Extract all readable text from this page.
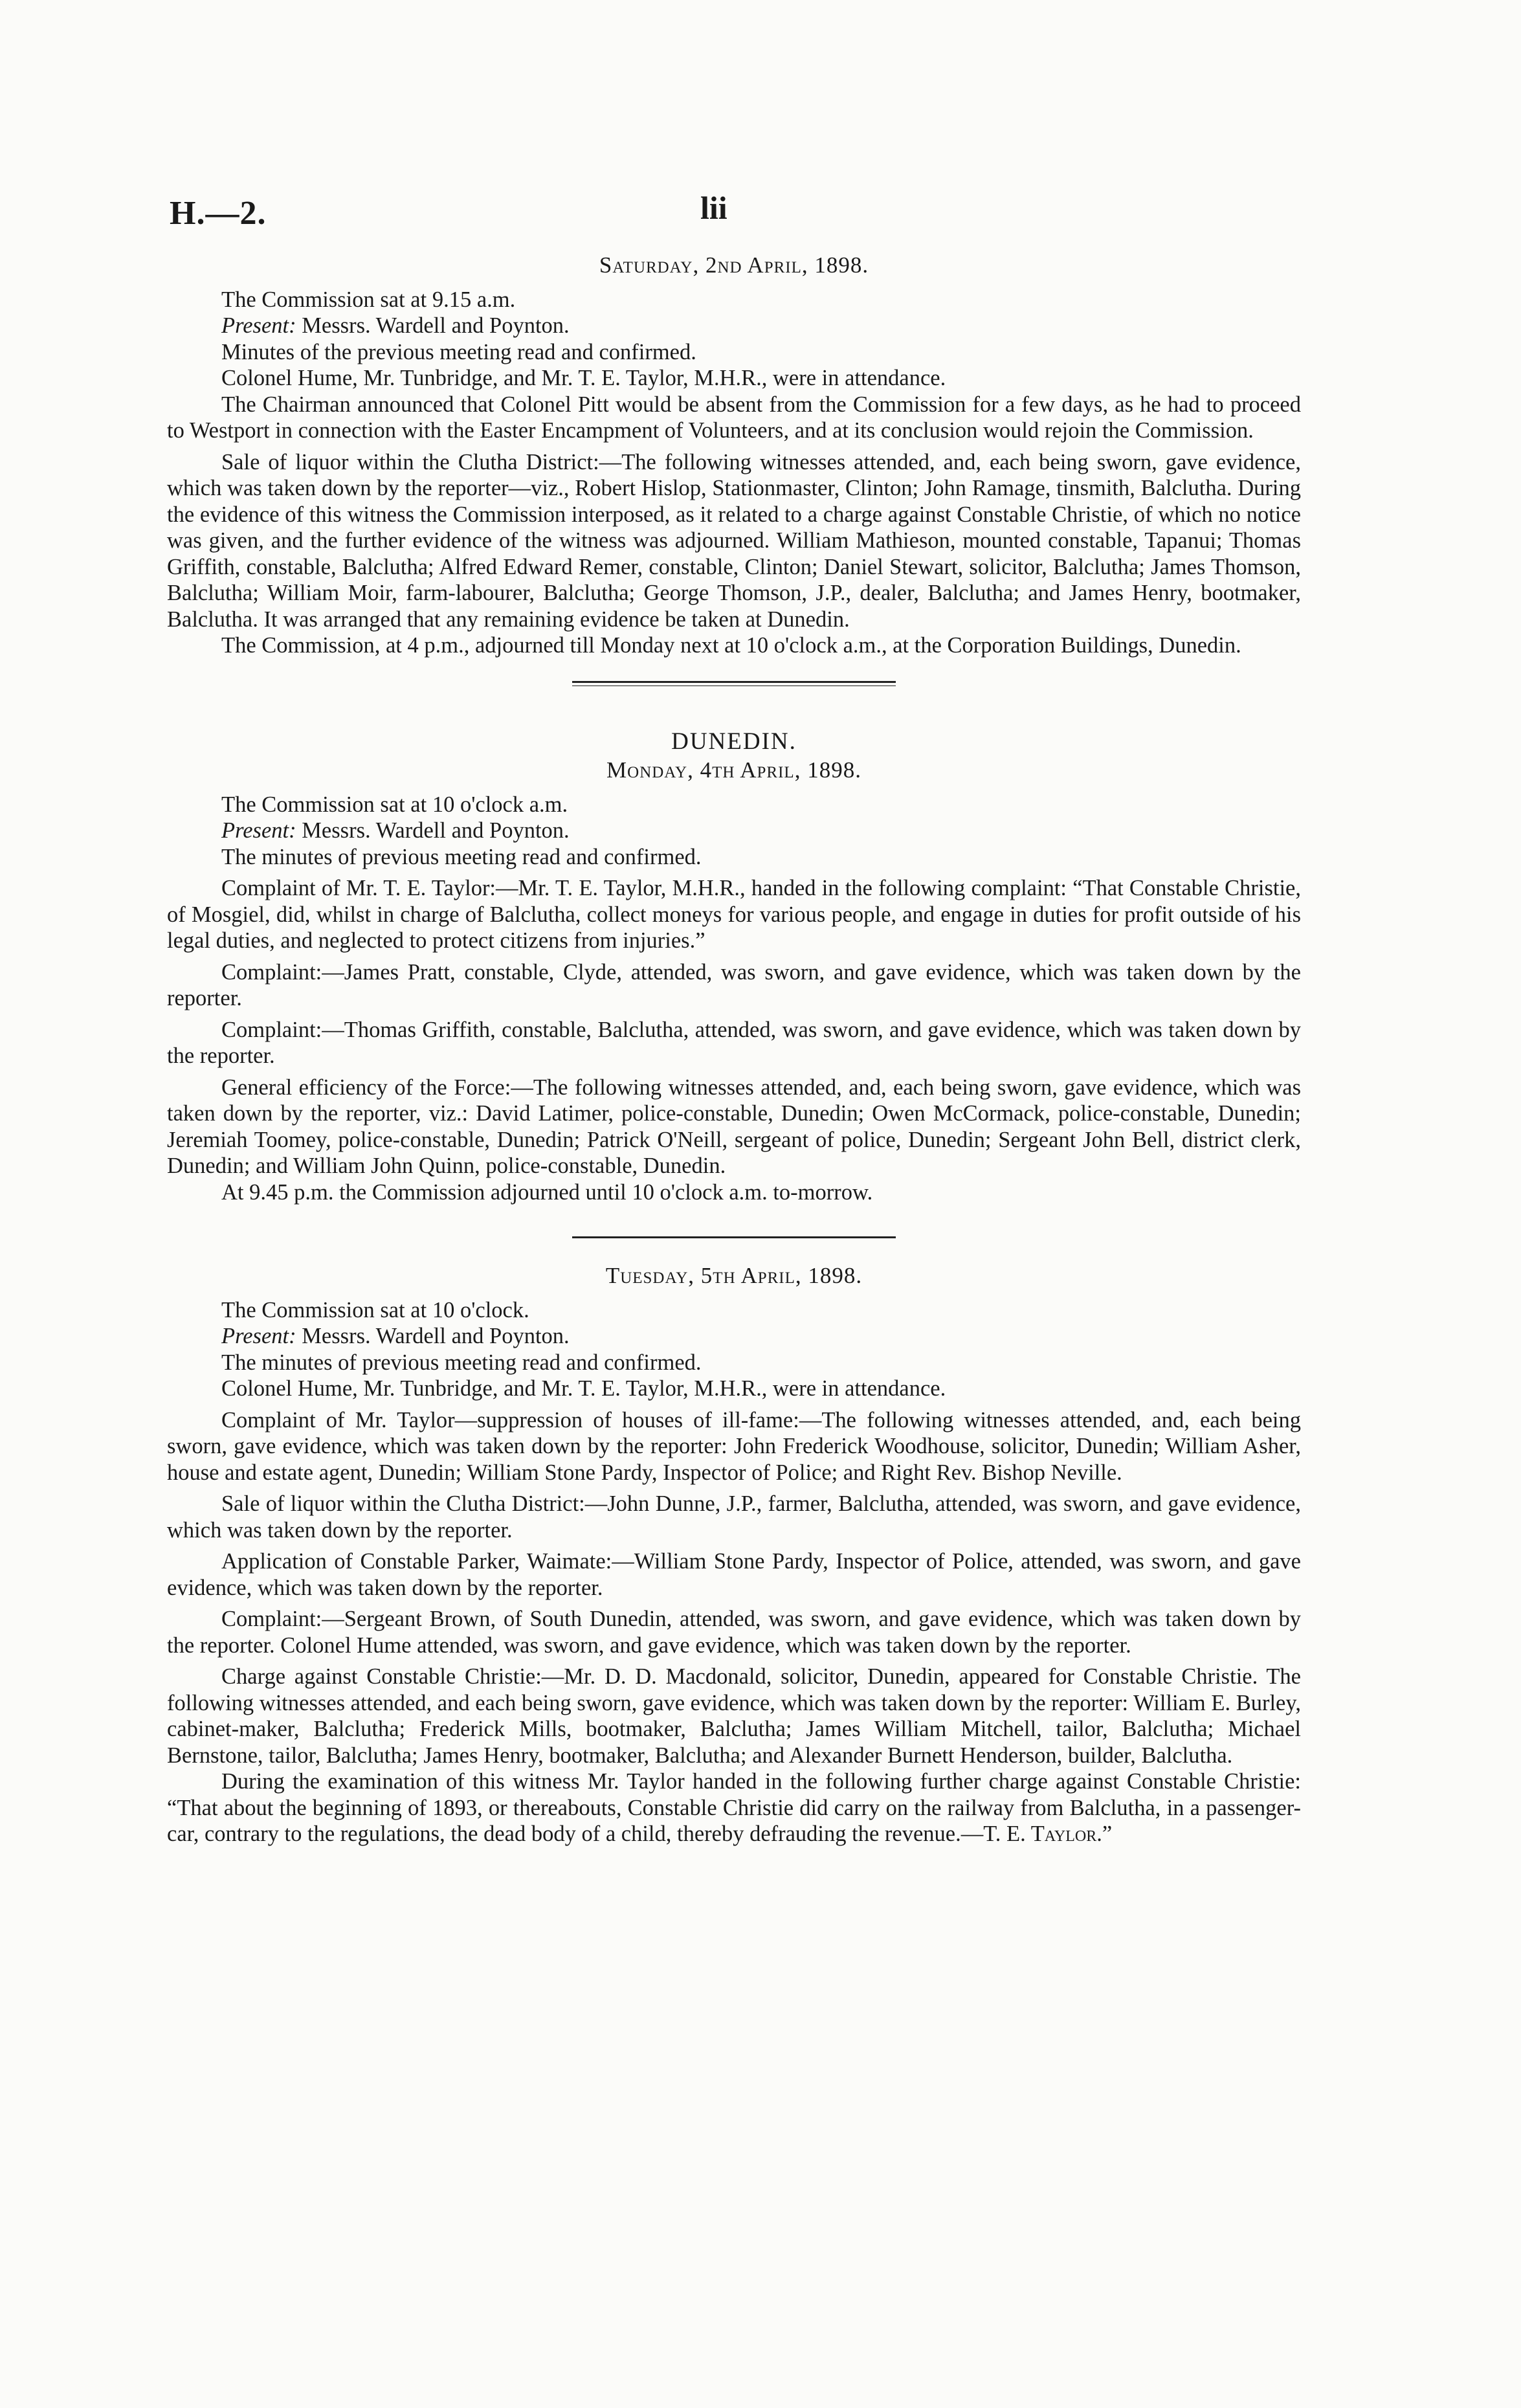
H.—2.	lii
Saturday, 2nd April, 1898.

The Commission sat at 9.15 a.m.

Present: Messrs. Wardell and Poynton.

Minutes of the previous meeting read and confirmed.

Colonel Hume, Mr. Tunbridge, and Mr. T. E. Taylor, M.H.R., were in attendance.

The Chairman announced that Colonel Pitt would be absent from the Commission for a few days, as he had to proceed to Westport in connection with the Easter Encampment of Volunteers, and at its conclusion would rejoin the Commission.

Sale of liquor within the Clutha District:—The following witnesses attended, and, each being sworn, gave evidence, which was taken down by the reporter—viz., Robert Hislop, Stationmaster, Clinton; John Ramage, tinsmith, Balclutha. During the evidence of this witness the Commission interposed, as it related to a charge against Constable Christie, of which no notice was given, and the further evidence of the witness was adjourned. William Mathieson, mounted constable, Tapanui; Thomas Griffith, constable, Balclutha; Alfred Edward Remer, constable, Clinton; Daniel Stewart, solicitor, Balclutha; James Thomson, Balclutha; William Moir, farm-labourer, Balclutha; George Thomson, J.P., dealer, Balclutha; and James Henry, bootmaker, Balclutha. It was arranged that any remaining evidence be taken at Dunedin.

The Commission, at 4 p.m., adjourned till Monday next at 10 o'clock a.m., at the Corporation Buildings, Dunedin.

DUNEDIN.
Monday, 4th April, 1898.

The Commission sat at 10 o'clock a.m.

Present: Messrs. Wardell and Poynton.

The minutes of previous meeting read and confirmed.

Complaint of Mr. T. E. Taylor:—Mr. T. E. Taylor, M.H.R., handed in the following complaint: “That Constable Christie, of Mosgiel, did, whilst in charge of Balclutha, collect moneys for various people, and engage in duties for profit outside of his legal duties, and neglected to protect citizens from injuries.”

Complaint:—James Pratt, constable, Clyde, attended, was sworn, and gave evidence, which was taken down by the reporter.

Complaint:—Thomas Griffith, constable, Balclutha, attended, was sworn, and gave evidence, which was taken down by the reporter.

General efficiency of the Force:—The following witnesses attended, and, each being sworn, gave evidence, which was taken down by the reporter, viz.: David Latimer, police-constable, Dunedin; Owen McCormack, police-constable, Dunedin; Jeremiah Toomey, police-constable, Dunedin; Patrick O'Neill, sergeant of police, Dunedin; Sergeant John Bell, district clerk, Dunedin; and William John Quinn, police-constable, Dunedin.

At 9.45 p.m. the Commission adjourned until 10 o'clock a.m. to-morrow.

Tuesday, 5th April, 1898.

The Commission sat at 10 o'clock.

Present: Messrs. Wardell and Poynton.

The minutes of previous meeting read and confirmed.

Colonel Hume, Mr. Tunbridge, and Mr. T. E. Taylor, M.H.R., were in attendance.

Complaint of Mr. Taylor—suppression of houses of ill-fame:—The following witnesses attended, and, each being sworn, gave evidence, which was taken down by the reporter: John Frederick Woodhouse, solicitor, Dunedin; William Asher, house and estate agent, Dunedin; William Stone Pardy, Inspector of Police; and Right Rev. Bishop Neville.

Sale of liquor within the Clutha District:—John Dunne, J.P., farmer, Balclutha, attended, was sworn, and gave evidence, which was taken down by the reporter.

Application of Constable Parker, Waimate:—William Stone Pardy, Inspector of Police, attended, was sworn, and gave evidence, which was taken down by the reporter.

Complaint:—Sergeant Brown, of South Dunedin, attended, was sworn, and gave evidence, which was taken down by the reporter. Colonel Hume attended, was sworn, and gave evidence, which was taken down by the reporter.

Charge against Constable Christie:—Mr. D. D. Macdonald, solicitor, Dunedin, appeared for Constable Christie. The following witnesses attended, and each being sworn, gave evidence, which was taken down by the reporter: William E. Burley, cabinet-maker, Balclutha; Frederick Mills, bootmaker, Balclutha; James William Mitchell, tailor, Balclutha; Michael Bernstone, tailor, Balclutha; James Henry, bootmaker, Balclutha; and Alexander Burnett Henderson, builder, Balclutha.

During the examination of this witness Mr. Taylor handed in the following further charge against Constable Christie: “That about the beginning of 1893, or thereabouts, Constable Christie did carry on the railway from Balclutha, in a passenger-car, contrary to the regulations, the dead body of a child, thereby defrauding the revenue.—T. E. Taylor.”
